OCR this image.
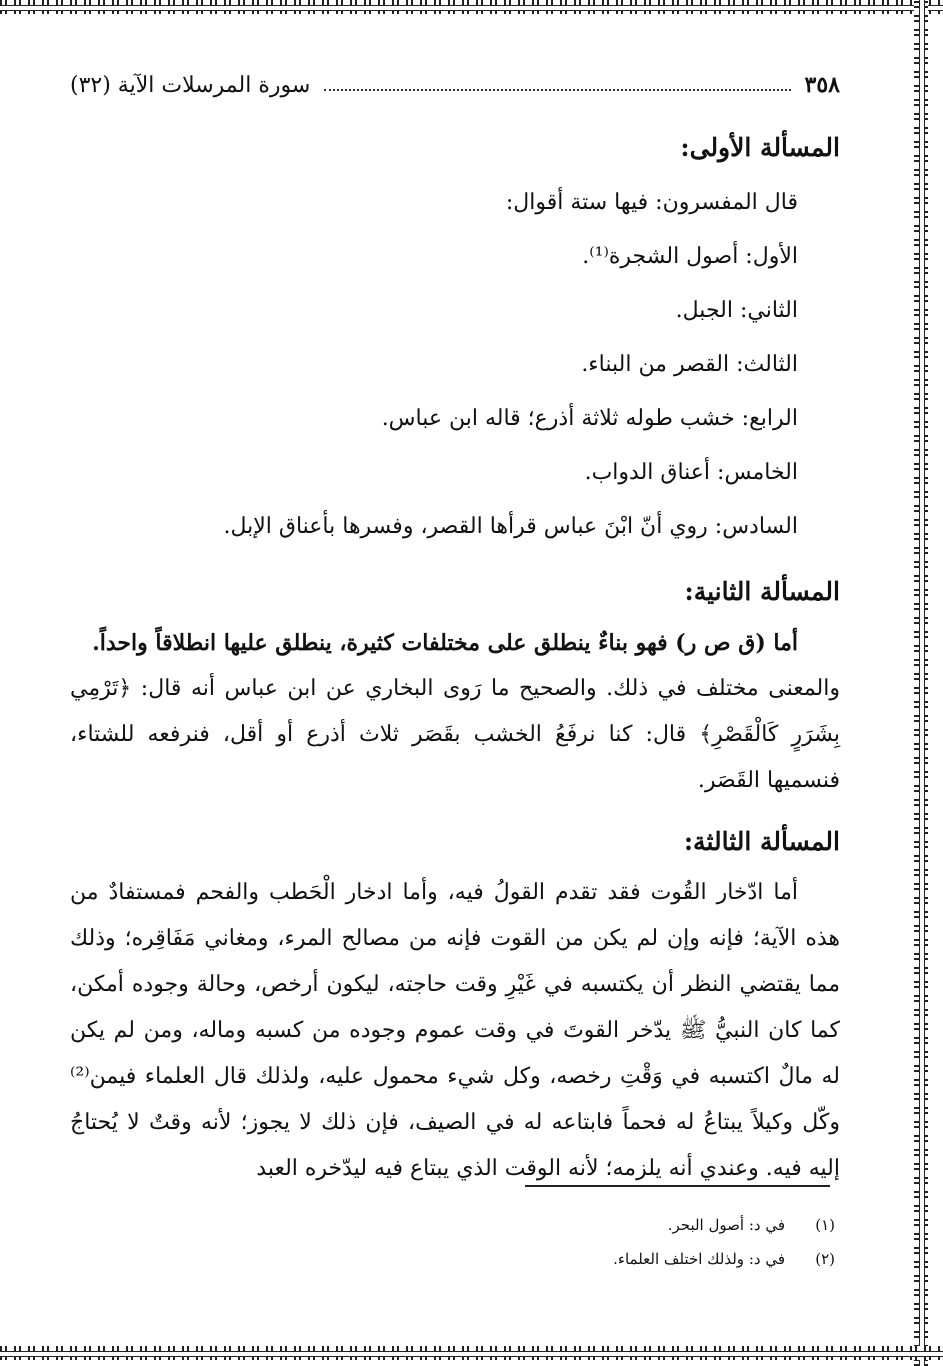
٣٥٨
سورة المرسلات الآية (٣٢)
المسألة الأولى:
قال المفسرون: فيها ستة أقوال:
الأول: أصول الشجرة⁽¹⁾.
الثاني: الجبل.
الثالث: القصر من البناء.
الرابع: خشب طوله ثلاثة أذرع؛ قاله ابن عباس.
الخامس: أعناق الدواب.
السادس: روي أنّ ابْنَ عباس قرأها القصر، وفسرها بأعناق الإبل.
المسألة الثانية:
أما (ق ص ر) فهو بناءٌ ينطلق على مختلفات كثيرة، ينطلق عليها انطلاقاً واحداً.
والمعنى مختلف في ذلك. والصحيح ما رَوى البخاري عن ابن عباس أنه قال: ﴿تَرْمِي بِشَرَرٍ كَالْقَصْرِ﴾ قال: كنا نرفَعُ الخشب بقَصَر ثلاث أذرع أو أقل، فنرفعه للشتاء، فنسميها القَصَر.
المسألة الثالثة:
أما ادّخار القُوت فقد تقدم القولُ فيه، وأما ادخار الْحَطب والفحم فمستفادٌ من هذه الآية؛ فإنه وإن لم يكن من القوت فإنه من مصالح المرء، ومغاني مَفَاقِره؛ وذلك مما يقتضي النظر أن يكتسبه في غَيْرِ وقت حاجته، ليكون أرخص، وحالة وجوده أمكن، كما كان النبيُّ ﷺ يدّخر القوتَ في وقت عموم وجوده من كسبه وماله، ومن لم يكن له مالٌ اكتسبه في وَقْتِ رخصه، وكل شيء محمول عليه، ولذلك قال العلماء فيمن⁽²⁾ وكّل وكيلاً يبتاعُ له فحماً فابتاعه له في الصيف، فإن ذلك لا يجوز؛ لأنه وقتٌ لا يُحتاجُ إليه فيه. وعندي أنه يلزمه؛ لأنه الوقت الذي يبتاع فيه ليدّخره العبد
(١)
في د: أصول البحر.
(٢)
في د: ولذلك اختلف العلماء.
